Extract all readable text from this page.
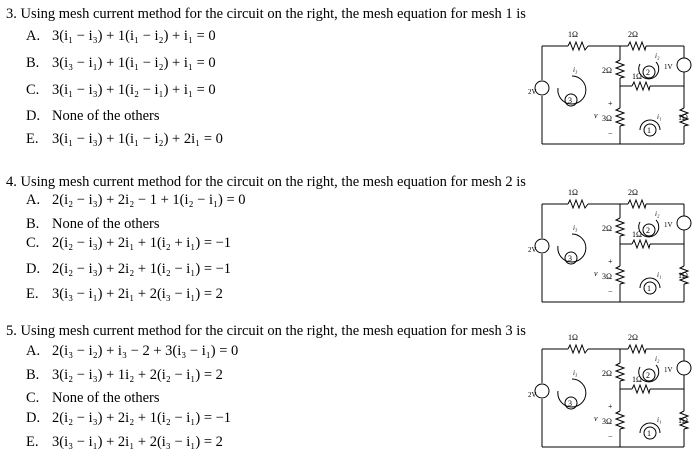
3. Using mesh current method for the circuit on the right, the mesh equation for mesh 1 is
A. 3(i₁ − i₃) + 1(i₁ − i₂) + i₁ = 0
B. 3(i₃ − i₁) + 1(i₁ − i₂) + i₁ = 0
C. 3(i₁ − i₃) + 1(i₂ − i₁) + i₁ = 0
D. None of the others
E. 3(i₁ − i₃) + 1(i₁ − i₂) + 2i₁ = 0
1Ω	2Ω
2Ω
1Ω
3Ω	1Ω
2V
1V
3
2
1
i₃
i₂
i₁
v
+
−
4. Using mesh current method for the circuit on the right, the mesh equation for mesh 2 is
A. 2(i₂ − i₃) + 2i₂ − 1 + 1(i₂ − i₁) = 0
B. None of the others
C. 2(i₂ − i₃) + 2i₁ + 1(i₂ + i₁) = −1
D. 2(i₂ − i₃) + 2i₂ + 1(i₂ − i₁) = −1
E. 3(i₃ − i₁) + 2i₁ + 2(i₃ − i₁) = 2
1Ω	2Ω
2Ω
1Ω
3Ω	1Ω
2V
1V
3
2
1
i₃
i₂
i₁
v
+
−
5. Using mesh current method for the circuit on the right, the mesh equation for mesh 3 is
A. 2(i₃ − i₂) + i₃ − 2 + 3(i₃ − i₁) = 0
B. 3(i₂ − i₃) + 1i₂ + 2(i₂ − i₁) = 2
C. None of the others
D. 2(i₂ − i₃) + 2i₂ + 1(i₂ − i₁) = −1
E. 3(i₃ − i₁) + 2i₁ + 2(i₃ − i₁) = 2
1Ω	2Ω
2Ω
1Ω
3Ω	1Ω
2V
1V
3
2
1
i₃
i₂
i₁
v
+
−
